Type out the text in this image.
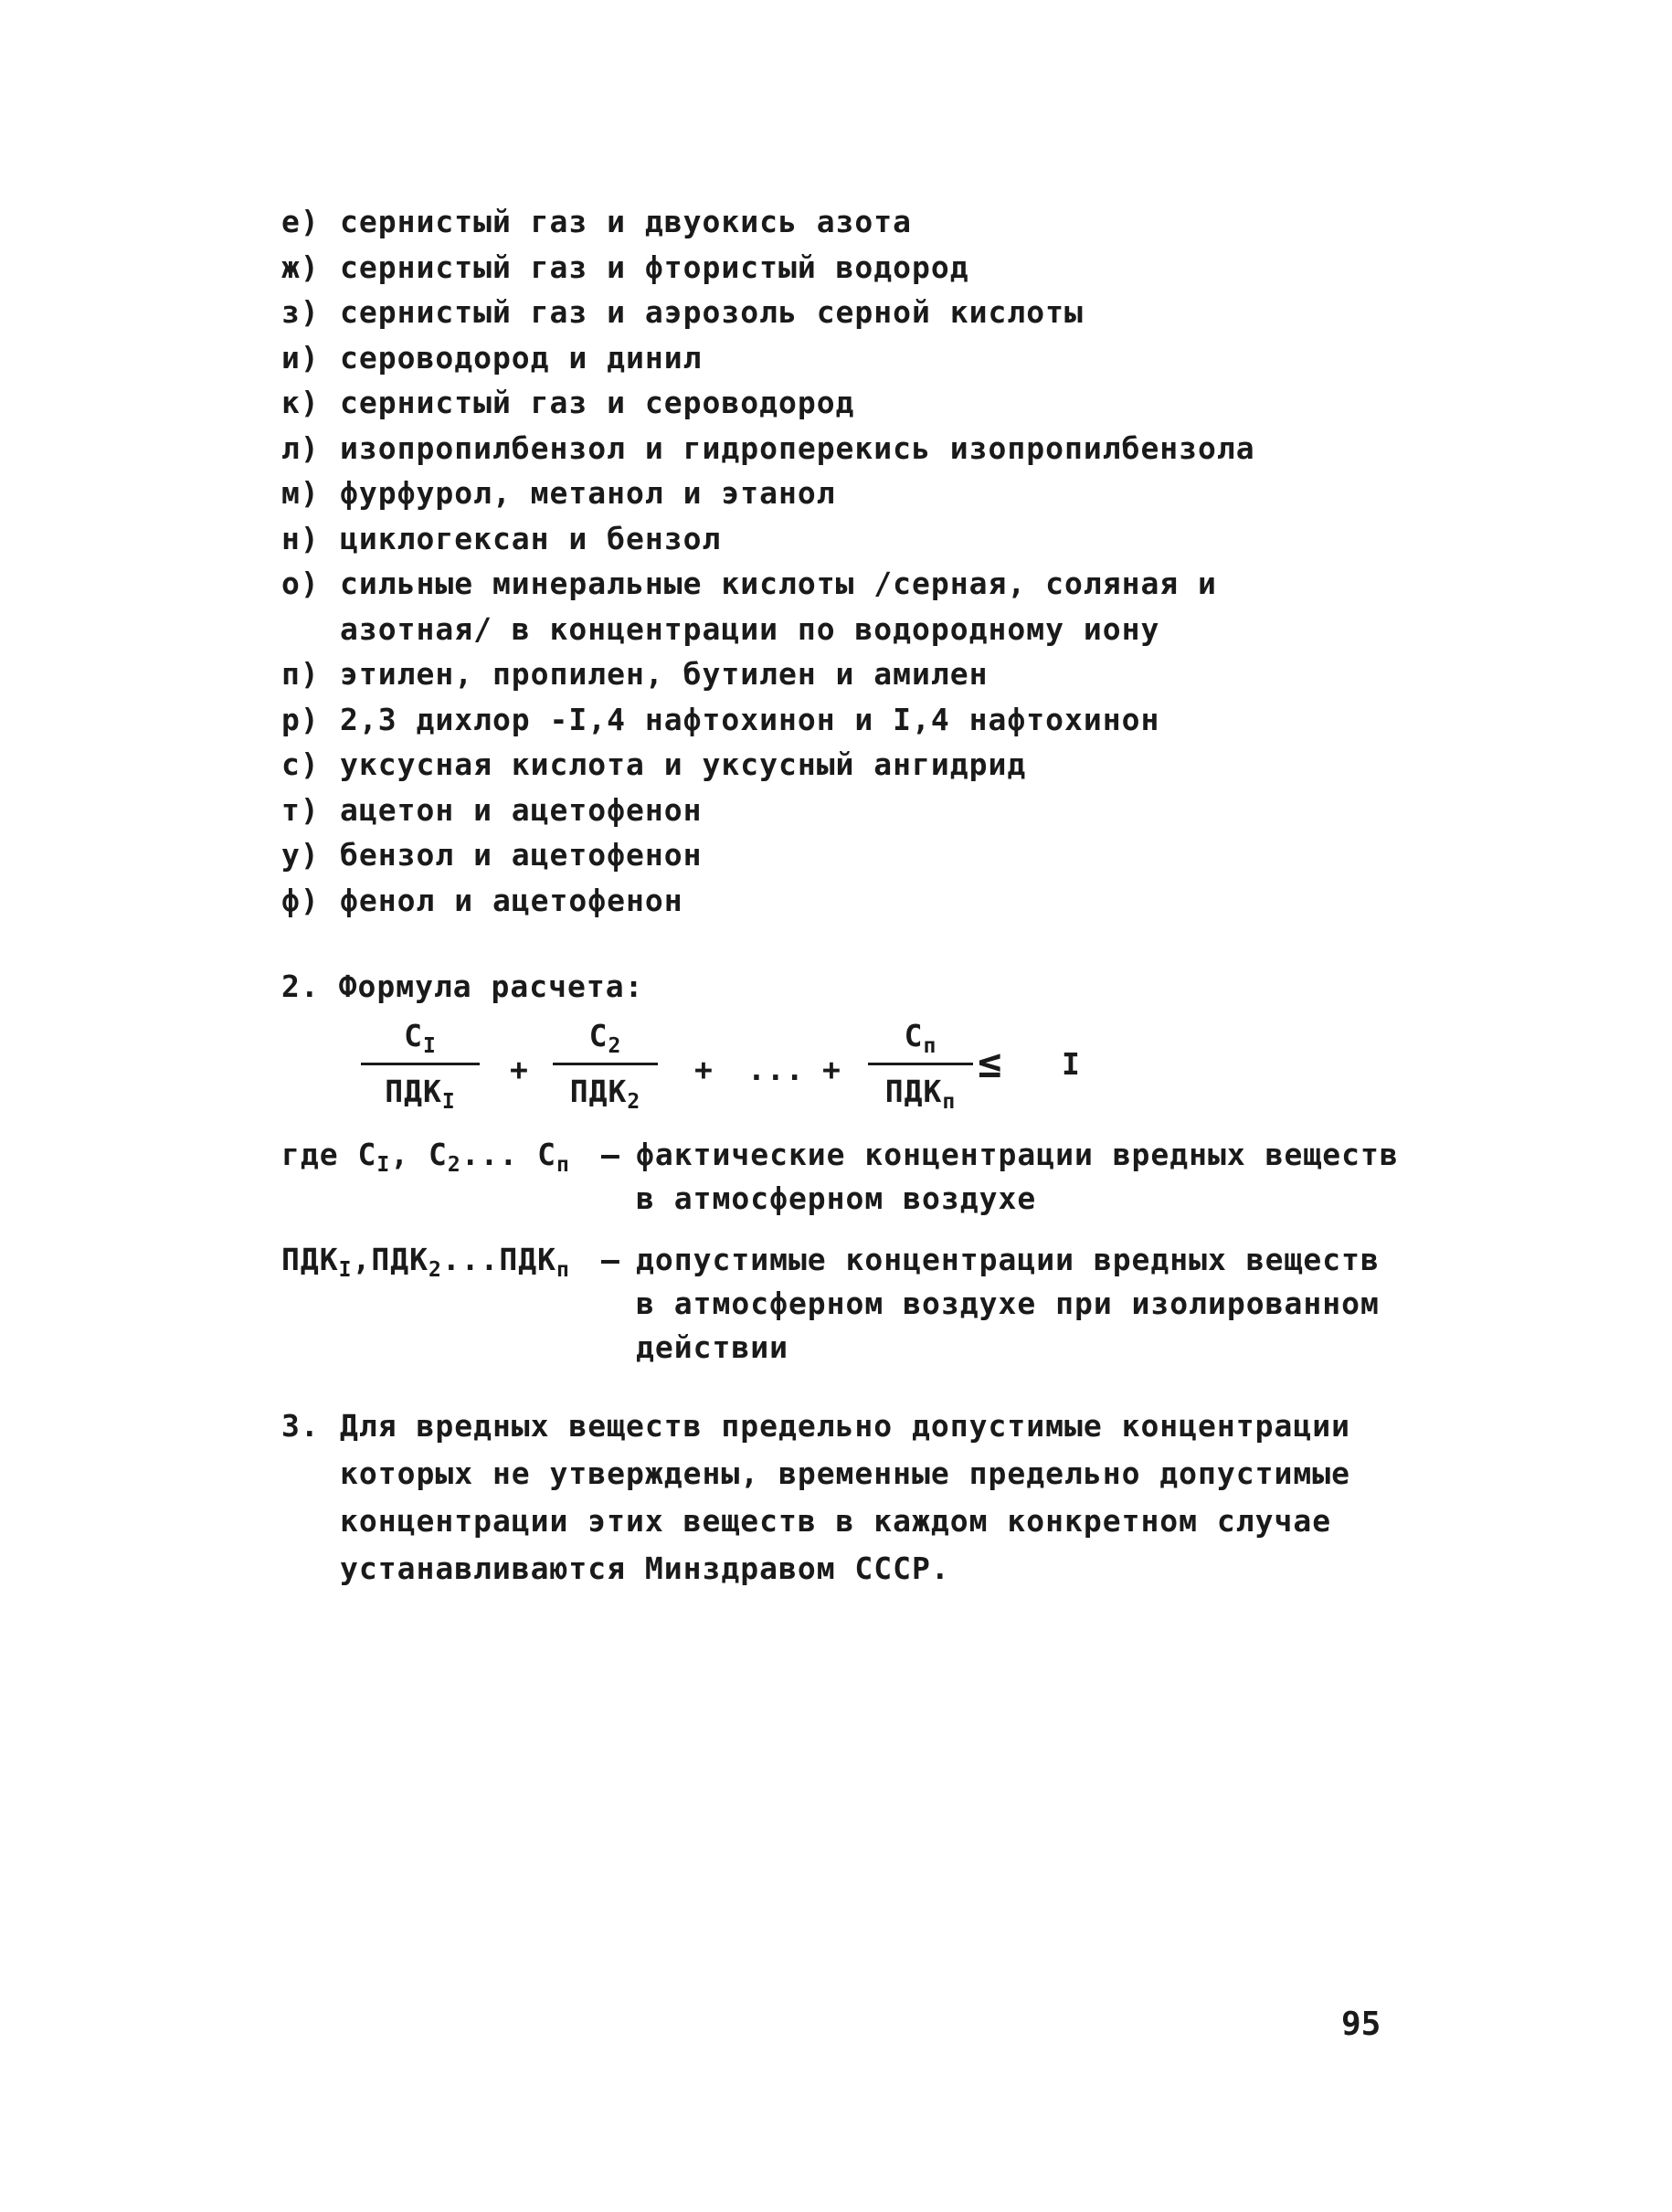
е) сернистый газ и двуокись азота
ж) сернистый газ и фтористый водород
з) сернистый газ и аэрозоль серной кислоты
и) сероводород и динил
к) сернистый газ и сероводород
л) изопропилбензол и гидроперекись изопропилбензола
м) фурфурол, метанол и этанол
н) циклогексан и бензол
о) сильные минеральные кислоты /серная, соляная и
азотная/ в концентрации по водородному иону
п) этилен, пропилен, бутилен и амилен
р) 2,3 дихлор -I,4 нафтохинон и I,4 нафтохинон
с) уксусная кислота и уксусный ангидрид
т) ацетон и ацетофенон
у) бензол и ацетофенон
ф) фенол и ацетофенон
2. Формула расчета:
$C_I$
$ПДК_I$
+
$C_2$
$ПДК_2$
+ ... +
$C_п$
$ПДК_п$
≤ I
где $C_I$, $C_2$... $C_п$ – фактические концентрации вредных веществ
в атмосферном воздухе
$ПДК_I,ПДК_2...ПДК_п$ – допустимые концентрации вредных веществ
в атмосферном воздухе при изолированном
действии
3. Для вредных веществ предельно допустимые концентрации
которых не утверждены, временные предельно допустимые
концентрации этих веществ в каждом конкретном случае
устанавливаются Минздравом СССР.
95
